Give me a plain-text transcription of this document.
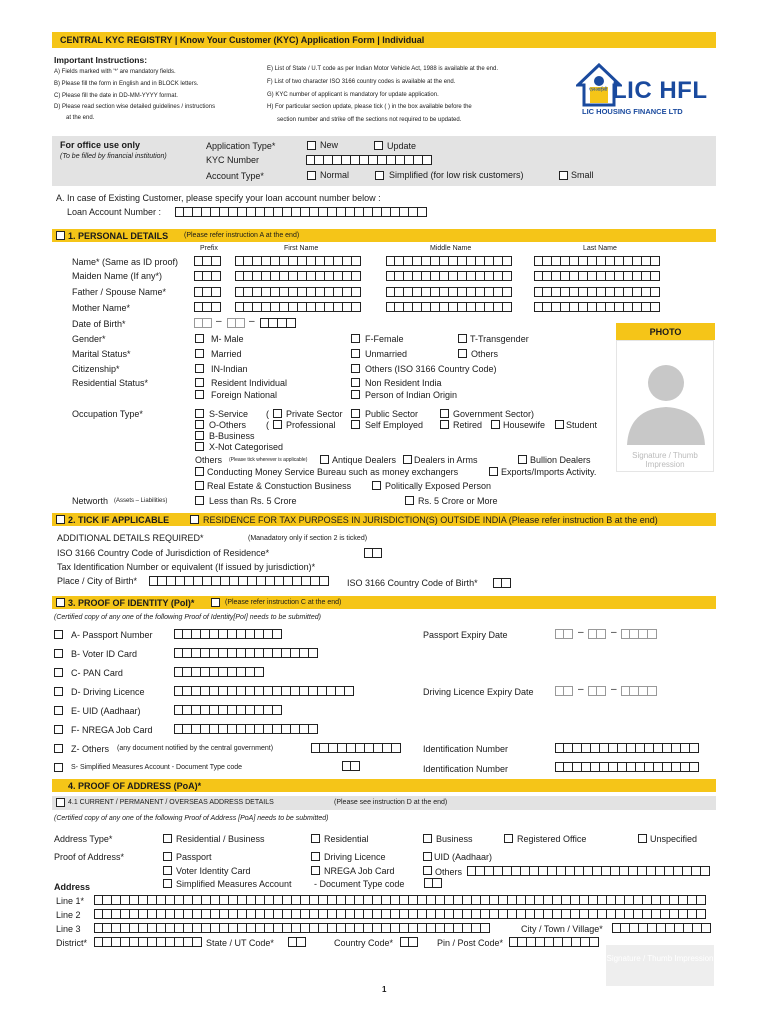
CENTRAL KYC REGISTRY | Know Your Customer (KYC) Application Form | Individual
Important Instructions:
A) Fields marked with '*' are mandatory fields.
B) Please fill the form in English and in BLOCK letters.
C) Please fill the date in DD-MM-YYYY format.
D) Please read section wise detailed guidelines / instructions
at the end.
E) List of State / U.T code as per Indian Motor Vehicle Act, 1988 is available at the end.
F) List of two character ISO 3166 country codes is available at the end.
G) KYC number of applicant is mandatory for update application.
H) For particular section update, please tick ( ) in the box available before the
section number and strike off the sections not required to be updated.
एलआईसी LIC HFL
LIC HOUSING FINANCE LTD
For office use only
(To be filled by financial institution)
Application Type*	New	Update
KYC Number
Account Type*	Normal	Simplified (for low risk customers)	Small
A. In case of Existing Customer, please specify your loan account number below :
Loan Account Number :
1. PERSONAL DETAILS (Please refer instruction A at the end)
Prefix	First Name	Middle Name	Last Name
Name* (Same as ID proof)
Maiden Name (If any*)
Father / Spouse Name*
Mother Name*
Date of Birth*	–	–
Gender*	M- Male	F-Female	T-Transgender
Marital Status*	Married	Unmarried	Others
Citizenship*	IN-Indian	Others (ISO 3166 Country Code)
Residential Status*	Resident Individual	Non Resident India
Foreign National	Person of Indian Origin
Occupation Type*	S-Service ( Private Sector Public Sector	Government Sector)
O-Others ( Professional	Self Employed	Retired Housewife Student
B-Business
X-Not Categorised
Others (Please tick wherever is applicable)	Antique Dealers Dealers in Arms	Bullion Dealers
Conducting Money Service Bureau such as money exchangers	Exports/Imports Activity.
Real Estate & Constuction Business	Politically Exposed Person
Networth (Assets – Liabilities)	Less than Rs. 5 Crore	Rs. 5 Crore or More
PHOTO
Signature / Thumb Impression
2. TICK IF APPLICABLE	RESIDENCE FOR TAX PURPOSES IN JURISDICTION(S) OUTSIDE INDIA (Please refer instruction B at the end)
ADDITIONAL DETAILS REQUIRED*	(Manadatory only if section 2 is ticked)
ISO 3166 Country Code of Jurisdiction of Residence*
Tax Identification Number or equivalent (If issued by jurisdiction)*
Place / City of Birth*	ISO 3166 Country Code of Birth*
3. PROOF OF IDENTITY (PoI)*	(Please refer instruction C at the end)
(Certified copy of any one of the following Proof of Identity[PoI] needs to be submitted)
A- Passport Number	Passport Expiry Date	–	–
B- Voter ID Card
C- PAN Card
D- Driving Licence	Driving Licence Expiry Date	–	–
E- UID (Aadhaar)
F- NREGA Job Card
Z- Others (any document notified by the central government)	Identification Number
S- Simplified Measures Account - Document Type code	Identification Number
4. PROOF OF ADDRESS (PoA)*
4.1 CURRENT / PERMANENT / OVERSEAS ADDRESS DETAILS	(Please see instruction D at the end)
(Certified copy of any one of the following Proof of Address [PoA] needs to be submitted)
Address Type*	Residential / Business	Residential	Business	Registered Office	Unspecified
Proof of Address*	Passport	Driving Licence	UID (Aadhaar)
Voter Identity Card	NREGA Job Card	Others
Simplified Measures Account - Document Type code
Address
Line 1*
Line 2
Line 3	City / Town / Village*
District*	State / UT Code*	Country Code*	Pin / Post Code*
Signature / Thumb Impression
1
